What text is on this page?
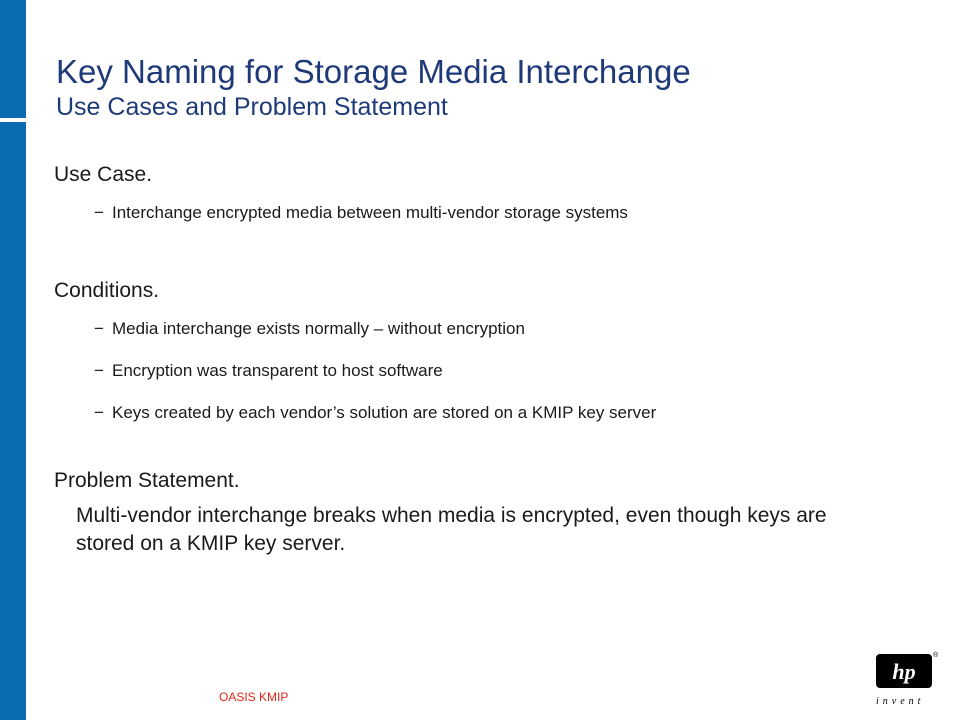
Key Naming for Storage Media Interchange
Use Cases and Problem Statement
Use Case.
− Interchange encrypted media between multi-vendor storage systems
Conditions.
− Media interchange exists normally – without encryption
− Encryption was transparent to host software
− Keys created by each vendor’s solution are stored on a KMIP key server
Problem Statement.
Multi-vendor interchange breaks when media is encrypted, even though keys are stored on a KMIP key server.
OASIS KMIP
hp
®
invent
